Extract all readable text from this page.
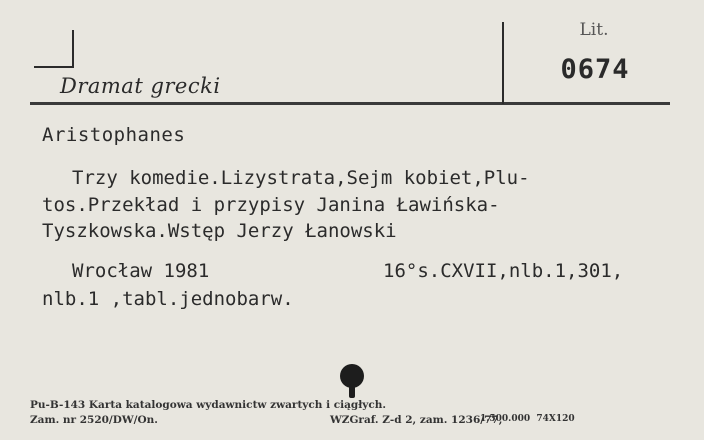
Dramat grecki
Lit.
0674
Aristophanes
Trzy komedie.Lizystrata,Sejm kobiet,Plu-
tos.Przekład i przypisy Janina Ławińska-
Tyszkowska.Wstęp Jerzy Łanowski
Wrocław 1981	16°s.CXVII,nlb.1,301,
nlb.1 ,tabl.jednobarw.
Pu-B-143 Karta katalogowa wydawnictw zwartych i ciągłych.
Zam. nr 2520/DW/On.	WZGraf. Z-d 2, zam. 1236/77,
1.500.000  74X120
